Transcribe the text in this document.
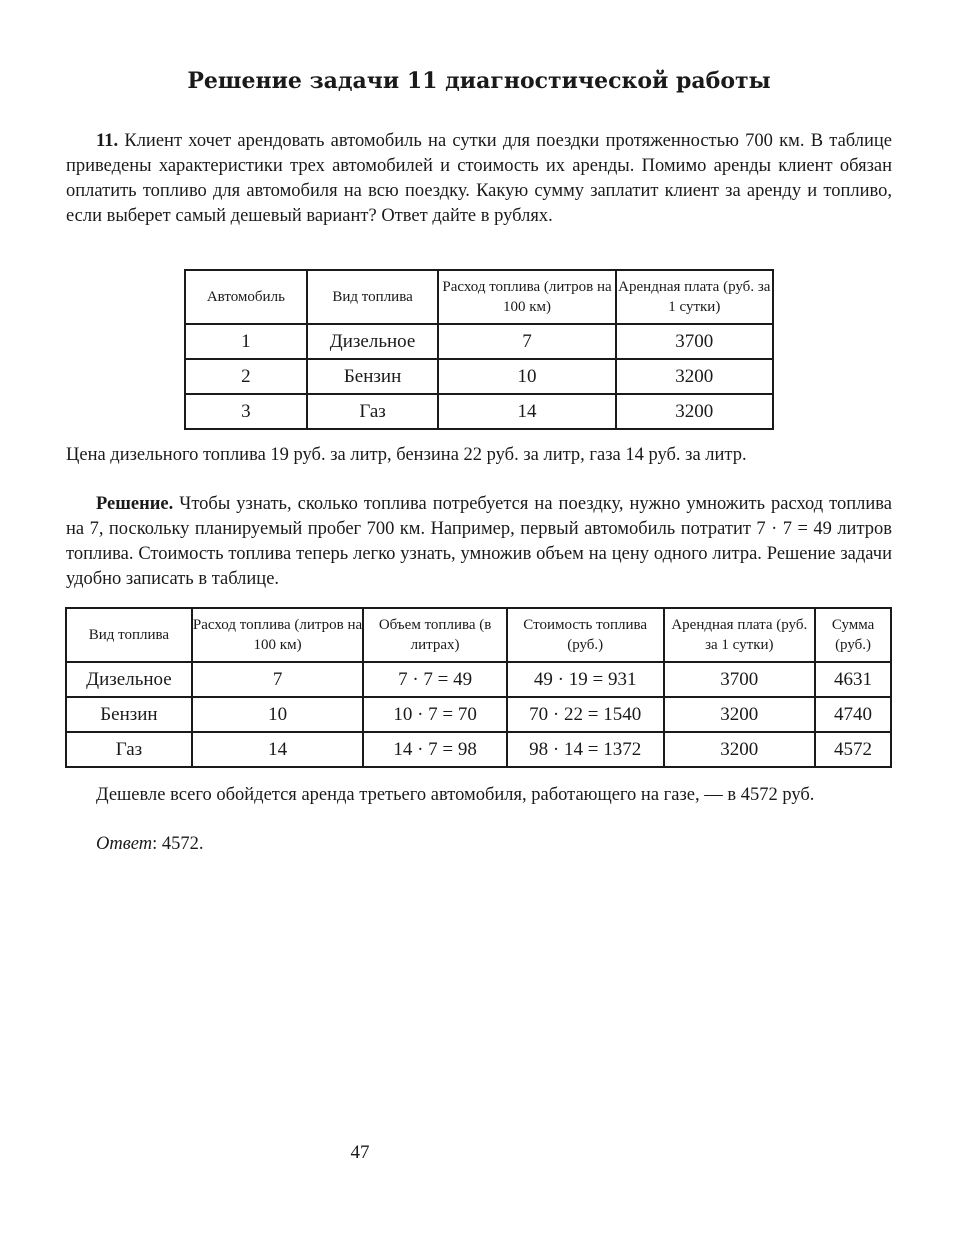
Решение задачи 11 диагностической работы
11. Клиент хочет арендовать автомобиль на сутки для поездки протяженностью 700 км. В таблице приведены характеристики трех автомобилей и стоимость их аренды. Помимо аренды клиент обязан оплатить топливо для автомобиля на всю поездку. Какую сумму заплатит клиент за аренду и топливо, если выберет самый дешевый вариант? Ответ дайте в рублях.
Автомобиль	Вид топлива	Расход топлива (литров на 100 км)	Арендная плата (руб. за 1 сутки)
1	Дизельное	7	3700
2	Бензин	10	3200
3	Газ	14	3200
Цена дизельного топлива 19 руб. за литр, бензина 22 руб. за литр, газа 14 руб. за литр.
Решение. Чтобы узнать, сколько топлива потребуется на поездку, нужно умножить расход топлива на 7, поскольку планируемый пробег 700 км. Например, первый автомобиль потратит 7 · 7 = 49 литров топлива. Стоимость топлива теперь легко узнать, умножив объем на цену одного литра. Решение задачи удобно записать в таблице.
Вид топлива	Расход топлива (литров на 100 км)	Объем топлива (в литрах)	Стоимость топлива (руб.)	Арендная плата (руб. за 1 сутки)	Сумма (руб.)
Дизельное	7	7 · 7 = 49	49 · 19 = 931	3700	4631
Бензин	10	10 · 7 = 70	70 · 22 = 1540	3200	4740
Газ	14	14 · 7 = 98	98 · 14 = 1372	3200	4572
Дешевле всего обойдется аренда третьего автомобиля, работающего на газе, — в 4572 руб.
Ответ: 4572.
47
